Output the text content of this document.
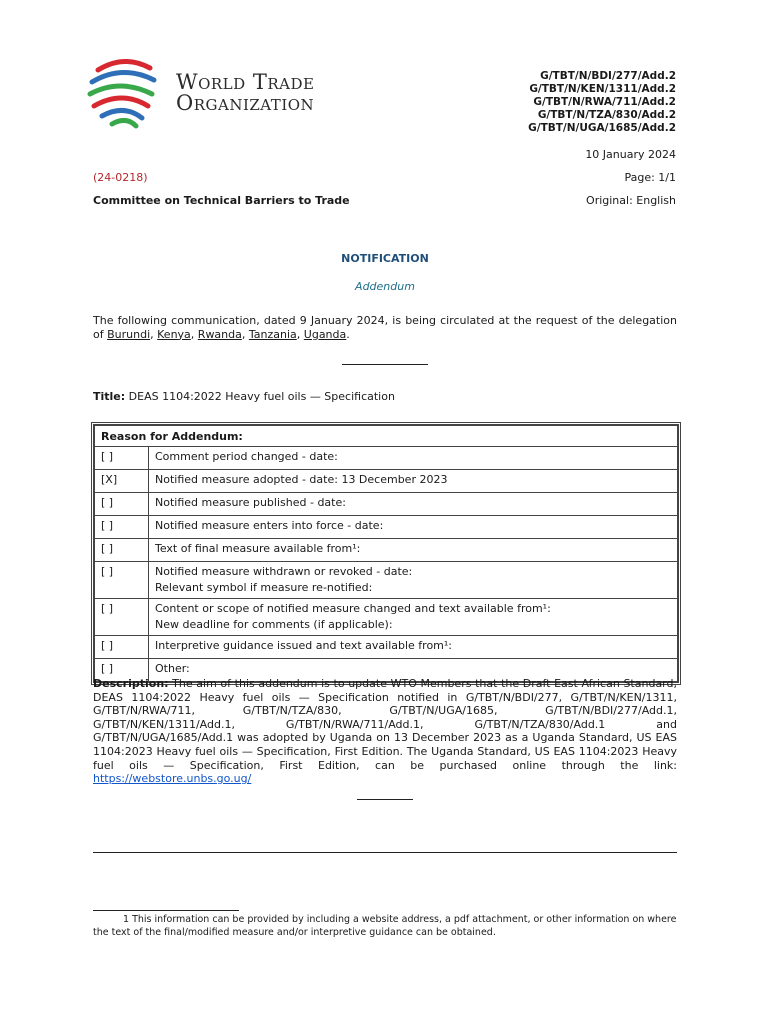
World Trade
Organization
G/TBT/N/BDI/277/Add.2
G/TBT/N/KEN/1311/Add.2
G/TBT/N/RWA/711/Add.2
G/TBT/N/TZA/830/Add.2
G/TBT/N/UGA/1685/Add.2
10 January 2024
(24-0218)	Page: 1/1
Committee on Technical Barriers to Trade	Original: English
NOTIFICATION
Addendum
The following communication, dated 9 January 2024, is being circulated at the request of the delegation of Burundi, Kenya, Rwanda, Tanzania, Uganda.
Title: DEAS 1104:2022 Heavy fuel oils — Specification
Reason for Addendum:	
[ ]	Comment period changed - date:
[X]	Notified measure adopted - date: 13 December 2023
[ ]	Notified measure published - date:
[ ]	Notified measure enters into force - date:
[ ]	Text of final measure available from¹:
[ ]	Notified measure withdrawn or revoked - date:
Relevant symbol if measure re-notified:

[ ]	Content or scope of notified measure changed and text available from¹:
New deadline for comments (if applicable):

[ ]	Interpretive guidance issued and text available from¹:
[ ]	Other:
Description: The aim of this addendum is to update WTO Members that the Draft East African Standard, DEAS 1104:2022 Heavy fuel oils — Specification notified in G/TBT/N/BDI/277, G/TBT/N/KEN/1311, G/TBT/N/RWA/711, G/TBT/N/TZA/830, G/TBT/N/UGA/1685, G/TBT/N/BDI/277/Add.1, G/TBT/N/KEN/1311/Add.1, G/TBT/N/RWA/711/Add.1, G/TBT/N/TZA/830/Add.1 and G/TBT/N/UGA/1685/Add.1 was adopted by Uganda on 13 December 2023 as a Uganda Standard, US EAS 1104:2023 Heavy fuel oils — Specification, First Edition. The Uganda Standard, US EAS 1104:2023 Heavy fuel oils — Specification, First Edition, can be purchased online through the link: https://webstore.unbs.go.ug/
1 This information can be provided by including a website address, a pdf attachment, or other information on where the text of the final/modified measure and/or interpretive guidance can be obtained.
